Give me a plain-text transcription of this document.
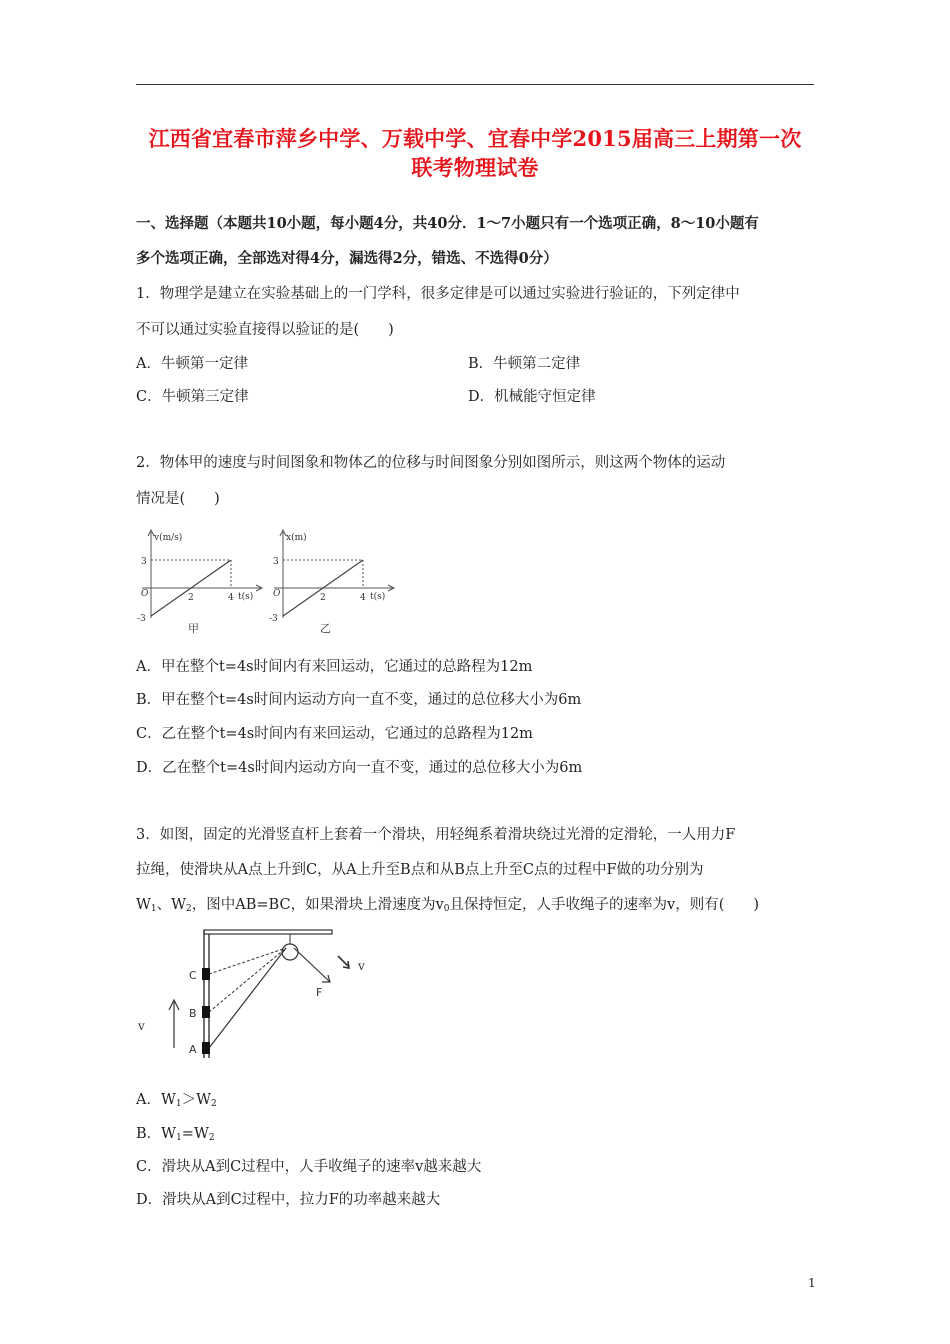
江西省宜春市萍乡中学、万载中学、宜春中学2015届高三上期第一次
联考物理试卷
一、选择题（本题共10小题，每小题4分，共40分．1～7小题只有一个选项正确，8～10小题有
多个选项正确，全部选对得4分，漏选得2分，错选、不选得0分）
1．物理学是建立在实验基础上的一门学科，很多定律是可以通过实验进行验证的，下列定律中
不可以通过实验直接得以验证的是(　　)
A．牛顿第一定律	B．牛顿第二定律
C．牛顿第三定律	D．机械能守恒定律
2．物体甲的速度与时间图象和物体乙的位移与时间图象分别如图所示，则这两个物体的运动
情况是(　　)
v(m/s)
t(s)
O
3
-3
2	4
甲
x(m)
t(s)
O
3
-3
2	4
乙
A．甲在整个t=4s时间内有来回运动，它通过的总路程为12m
B．甲在整个t=4s时间内运动方向一直不变，通过的总位移大小为6m
C．乙在整个t=4s时间内有来回运动，它通过的总路程为12m
D．乙在整个t=4s时间内运动方向一直不变，通过的总位移大小为6m
3．如图，固定的光滑竖直杆上套着一个滑块，用轻绳系着滑块绕过光滑的定滑轮，一人用力F
拉绳，使滑块从A点上升到C，从A上升至B点和从B点上升至C点的过程中F做的功分别为
$W_1$、$W_2$，图中AB=BC，如果滑块上滑速度为$v_0$且保持恒定，人手收绳子的速率为v，则有(　　)
C
B
A
F
v
v
A．$W_1>W_2$
B．$W_1=W_2$
C．滑块从A到C过程中，人手收绳子的速率v越来越大
D．滑块从A到C过程中，拉力F的功率越来越大
1
